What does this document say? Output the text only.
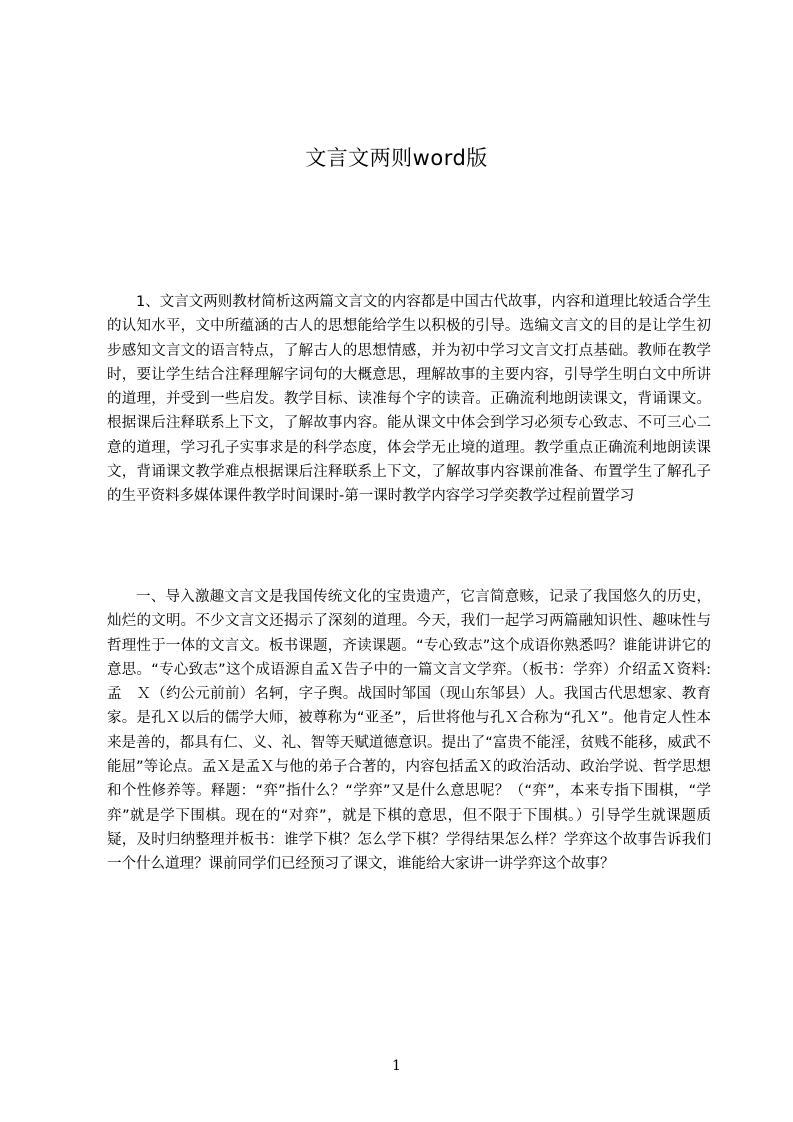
文言文两则word版

1、文言文两则教材简析这两篇文言文的内容都是中国古代故事，内容和道理比较适合学生的认知水平，文中所蕴涵的古人的思想能给学生以积极的引导。选编文言文的目的是让学生初步感知文言文的语言特点，了解古人的思想情感，并为初中学习文言文打点基础。教师在教学时，要让学生结合注释理解字词句的大概意思，理解故事的主要内容，引导学生明白文中所讲的道理，并受到一些启发。教学目标、读准每个字的读音。正确流利地朗读课文，背诵课文。根据课后注释联系上下文，了解故事内容。能从课文中体会到学习必须专心致志、不可三心二意的道理，学习孔子实事求是的科学态度，体会学无止境的道理。教学重点正确流利地朗读课文，背诵课文教学难点根据课后注释联系上下文，了解故事内容课前准备、布置学生了解孔子的生平资料多媒体课件教学时间课时-第一课时教学内容学习学奕教学过程前置学习

一、导入激趣文言文是我国传统文化的宝贵遗产，它言简意赅，记录了我国悠久的历史，灿烂的文明。不少文言文还揭示了深刻的道理。今天，我们一起学习两篇融知识性、趣味性与哲理性于一体的文言文。板书课题，齐读课题。“专心致志”这个成语你熟悉吗？谁能讲讲它的意思。“专心致志”这个成语源自孟Ｘ告子中的一篇文言文学弈。（板书：学弈）介绍孟Ｘ资料:孟　Ｘ（约公元前前）名轲，字子舆。战国时邹国（现山东邹县）人。我国古代思想家、教育家。是孔Ｘ以后的儒学大师，被尊称为“亚圣”，后世将他与孔Ｘ合称为“孔Ｘ”。他肯定人性本来是善的，都具有仁、义、礼、智等天赋道德意识。提出了“富贵不能淫，贫贱不能移，威武不能屈”等论点。孟Ｘ是孟Ｘ与他的弟子合著的，内容包括孟Ｘ的政治活动、政治学说、哲学思想和个性修养等。释题：“弈”指什么？“学弈”又是什么意思呢？（“弈”，本来专指下围棋，“学弈”就是学下围棋。现在的“对弈”，就是下棋的意思，但不限于下围棋。）引导学生就课题质疑，及时归纳整理并板书：谁学下棋？怎么学下棋？学得结果怎么样？学弈这个故事告诉我们一个什么道理？课前同学们已经预习了课文，谁能给大家讲一讲学弈这个故事？

1
